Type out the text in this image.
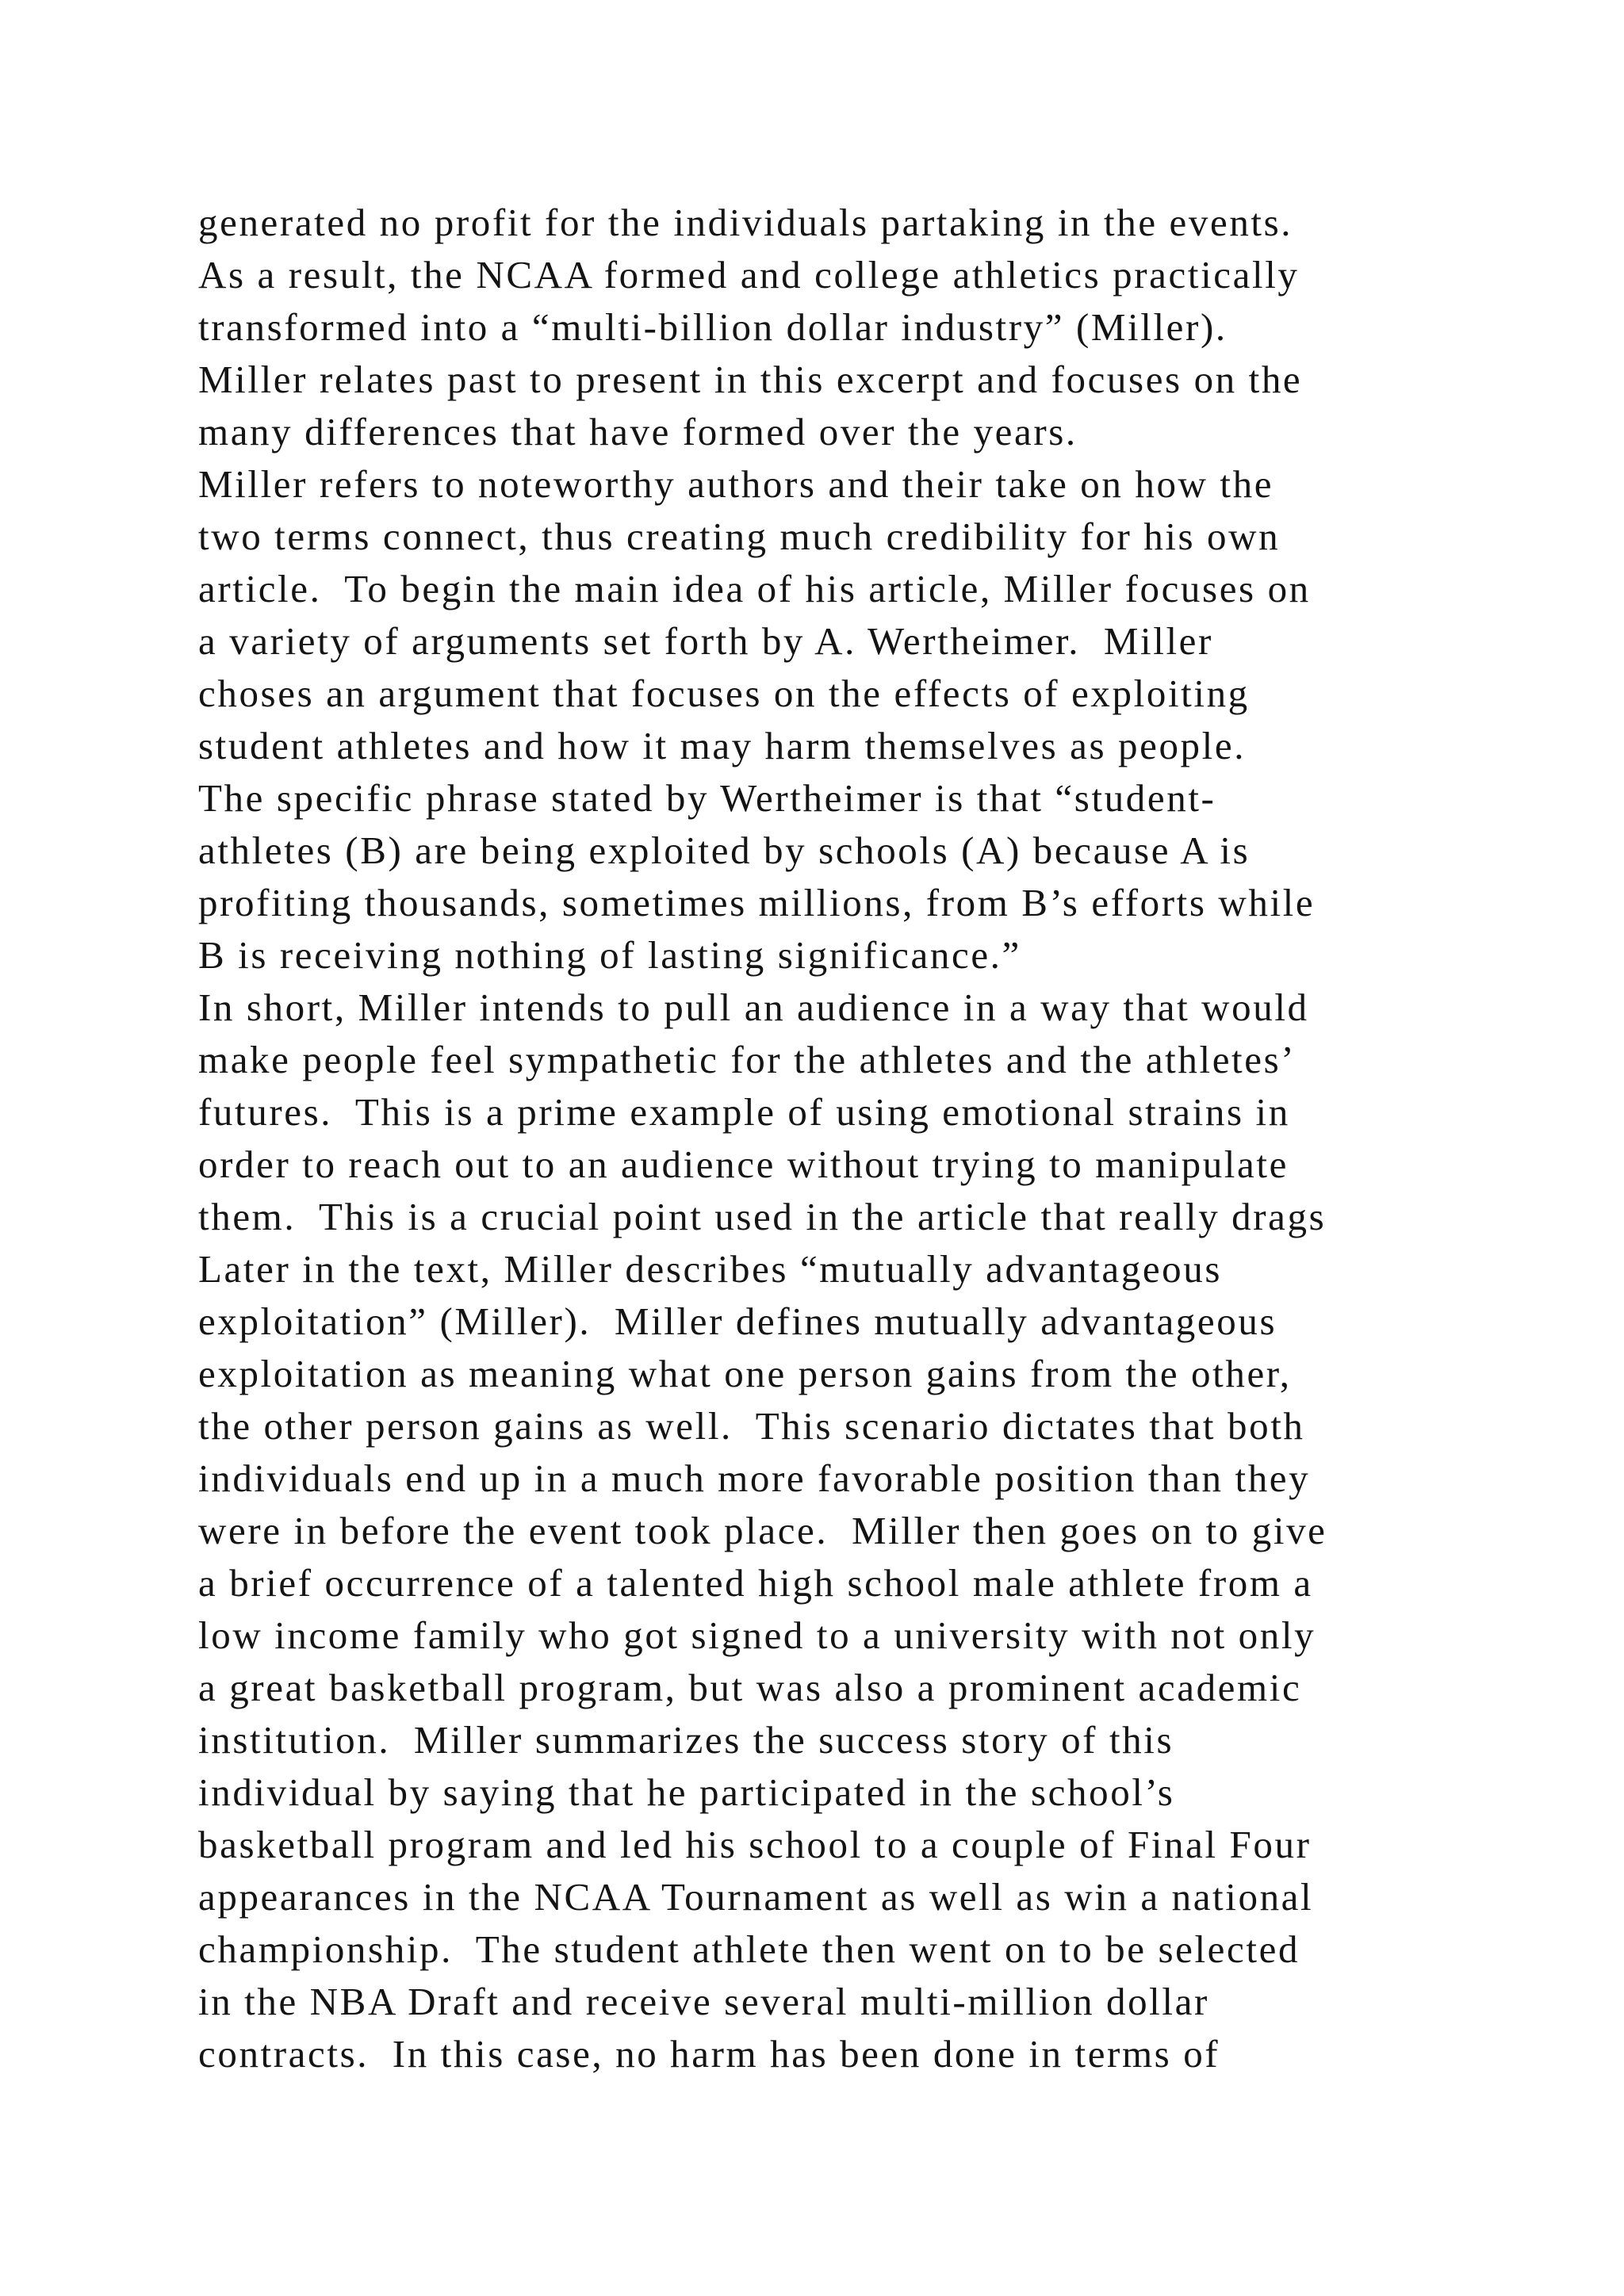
generated no profit for the individuals partaking in the events.
As a result, the NCAA formed and college athletics practically
transformed into a “multi-billion dollar industry” (Miller).
Miller relates past to present in this excerpt and focuses on the
many differences that have formed over the years.
Miller refers to noteworthy authors and their take on how the
two terms connect, thus creating much credibility for his own
article.  To begin the main idea of his article, Miller focuses on
a variety of arguments set forth by A. Wertheimer.  Miller
choses an argument that focuses on the effects of exploiting
student athletes and how it may harm themselves as people.
The specific phrase stated by Wertheimer is that “student-
athletes (B) are being exploited by schools (A) because A is
profiting thousands, sometimes millions, from B’s efforts while
B is receiving nothing of lasting significance.”
In short, Miller intends to pull an audience in a way that would
make people feel sympathetic for the athletes and the athletes’
futures.  This is a prime example of using emotional strains in
order to reach out to an audience without trying to manipulate
them.  This is a crucial point used in the article that really drags
Later in the text, Miller describes “mutually advantageous
exploitation” (Miller).  Miller defines mutually advantageous
exploitation as meaning what one person gains from the other,
the other person gains as well.  This scenario dictates that both
individuals end up in a much more favorable position than they
were in before the event took place.  Miller then goes on to give
a brief occurrence of a talented high school male athlete from a
low income family who got signed to a university with not only
a great basketball program, but was also a prominent academic
institution.  Miller summarizes the success story of this
individual by saying that he participated in the school’s
basketball program and led his school to a couple of Final Four
appearances in the NCAA Tournament as well as win a national
championship.  The student athlete then went on to be selected
in the NBA Draft and receive several multi-million dollar
contracts.  In this case, no harm has been done in terms of
